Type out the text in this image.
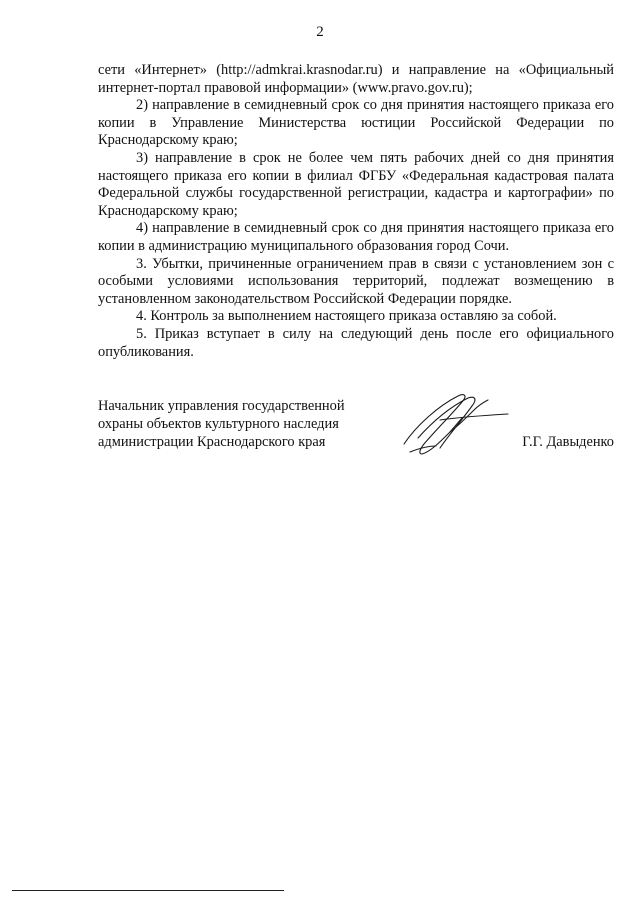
2

сети «Интернет» (http://admkrai.krasnodar.ru) и направление на «Официальный интернет-портал правовой информации» (www.pravo.gov.ru);

2) направление в семидневный срок со дня принятия настоящего приказа его копии в Управление Министерства юстиции Российской Федерации по Краснодарскому краю;

3) направление в срок не более чем пять рабочих дней со дня принятия настоящего приказа его копии в филиал ФГБУ «Федеральная кадастровая палата Федеральной службы государственной регистрации, кадастра и картографии» по Краснодарскому краю;

4) направление в семидневный срок со дня принятия настоящего приказа его копии в администрацию муниципального образования город Сочи.

3. Убытки, причиненные ограничением прав в связи с установлением зон с особыми условиями использования территорий, подлежат возмещению в установленном законодательством Российской Федерации порядке.

4. Контроль за выполнением настоящего приказа оставляю за собой.

5. Приказ вступает в силу на следующий день после его официального опубликования.

Начальник управления государственной
охраны объектов культурного наследия
администрации Краснодарского края	Г.Г. Давыденко
